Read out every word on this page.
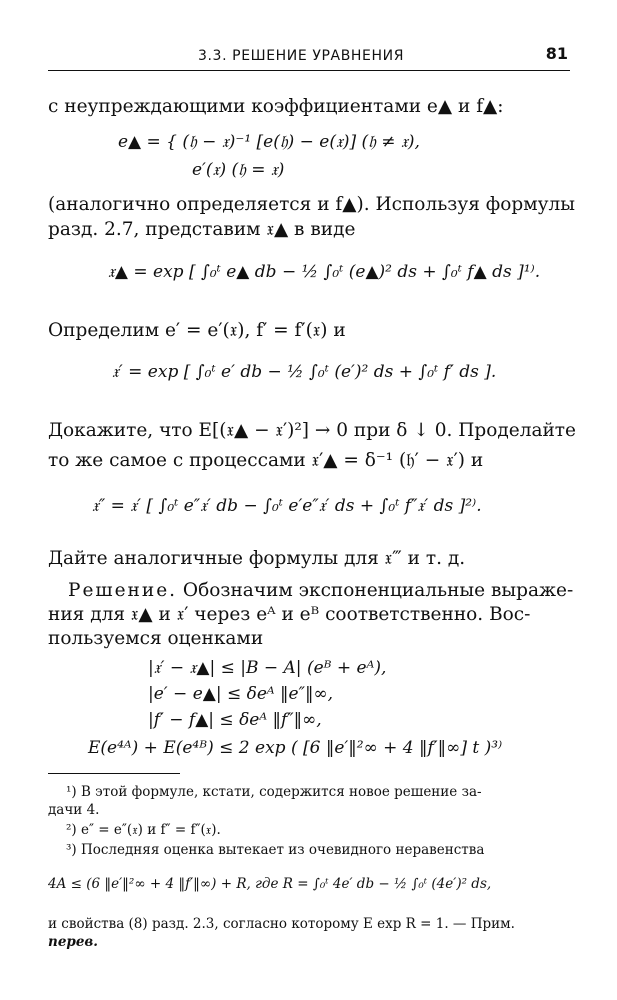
3.3. РЕШЕНИЕ УРАВНЕНИЯ	81
с неупреждающими коэффициентами e▲ и f▲:
e▲ = { (𝔥 − 𝔵)⁻¹ [e(𝔥) − e(𝔵)] (𝔥 ≠ 𝔵),
e′(𝔵) (𝔥 = 𝔵)
(аналогично определяется и f▲). Используя формулы
разд. 2.7, представим 𝔵▲ в виде
𝔵▲ = exp [ ∫₀ᵗ e▲ db − ½ ∫₀ᵗ (e▲)² ds + ∫₀ᵗ f▲ ds ]¹⁾.
Определим e′ = e′(𝔵), f′ = f′(𝔵) и
𝔵′ = exp [ ∫₀ᵗ e′ db − ½ ∫₀ᵗ (e′)² ds + ∫₀ᵗ f′ ds ].
Докажите, что E[(𝔵▲ − 𝔵′)²] → 0 при δ ↓ 0. Проделайте
то же самое с процессами 𝔵′▲ = δ⁻¹ (𝔥′ − 𝔵′) и
𝔵″ = 𝔵′ [ ∫₀ᵗ e″𝔵′ db − ∫₀ᵗ e′e″𝔵′ ds + ∫₀ᵗ f″𝔵′ ds ]²⁾.
Дайте аналогичные формулы для 𝔵‴ и т. д.
Решение. Обозначим экспоненциальные выраже-
ния для 𝔵▲ и 𝔵′ через eᴬ и eᴮ соответственно. Вос-
пользуемся оценками
|𝔵′ − 𝔵▲| ≤ |B − A| (eᴮ + eᴬ),
|e′ − e▲| ≤ δeᴬ ‖e″‖∞,
|f′ − f▲| ≤ δeᴬ ‖f″‖∞,
E(e⁴ᴬ) + E(e⁴ᴮ) ≤ 2 exp ( [6 ‖e′‖²∞ + 4 ‖f′‖∞] t )³⁾
¹) В этой формуле, кстати, содержится новое решение за-
дачи 4.
²) e″ = e″(𝔵) и f″ = f″(𝔵).
³) Последняя оценка вытекает из очевидного неравенства
4A ≤ (6 ‖e′‖²∞ + 4 ‖f′‖∞) + R, где R = ∫₀ᵗ 4e′ db − ½ ∫₀ᵗ (4e′)² ds,
и свойства (8) разд. 2.3, согласно которому E exp R = 1. — Прим.
перев.
